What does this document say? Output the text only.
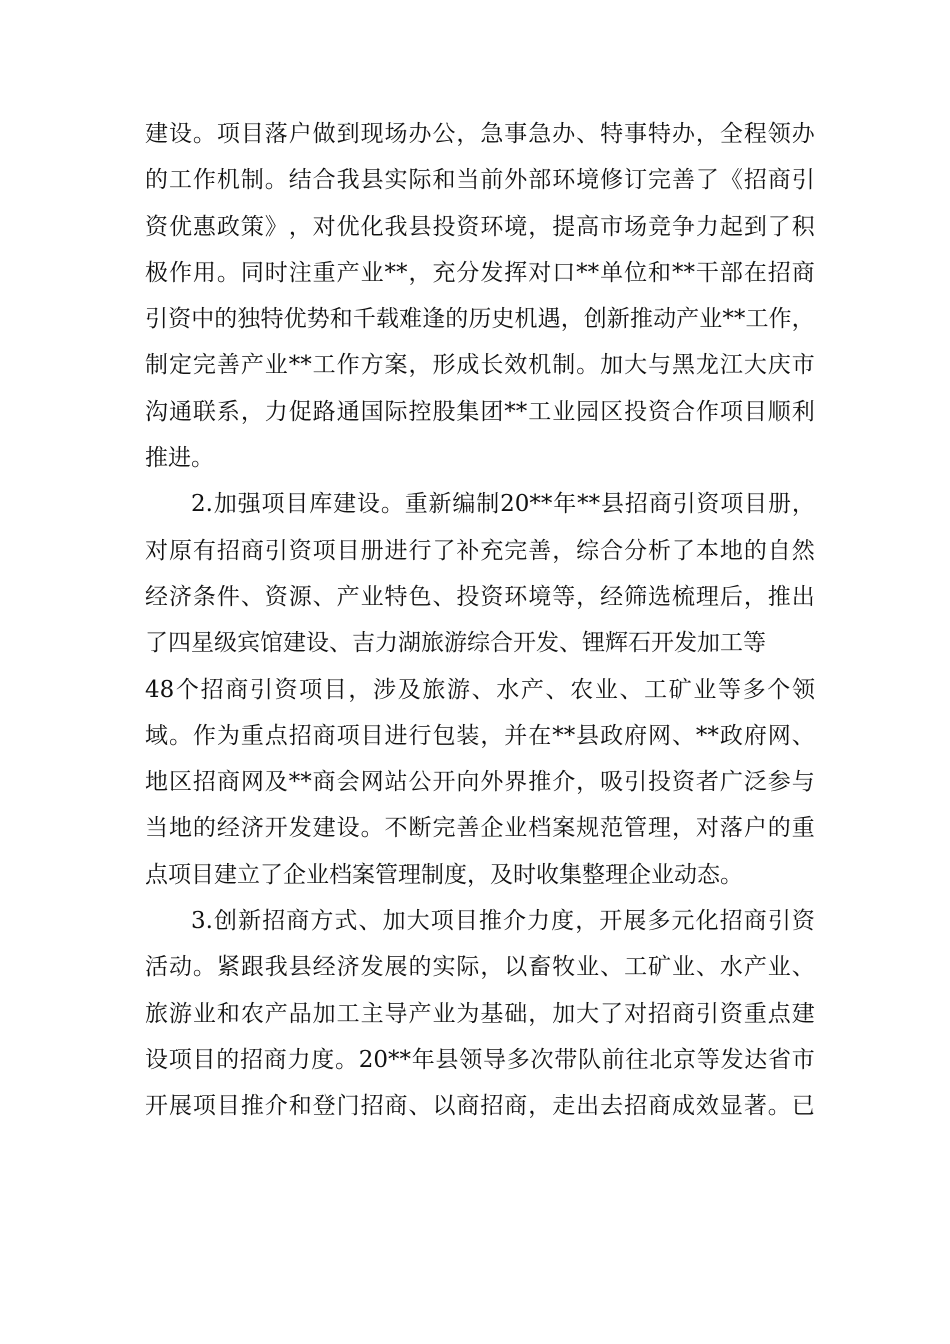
建 设 。 项 目 落 户 做 到 现 场 办 公 ， 急 事 急 办 、 特 事 特 办 ， 全 程 领 办
的 工 作 机 制 。 结 合 我 县 实 际 和 当 前 外 部 环 境 修 订 完 善 了 《 招 商 引
资 优 惠 政 策 》 ， 对 优 化 我 县 投 资 环 境 ， 提 高 市 场 竞 争 力 起 到 了 积
极 作 用 。 同 时 注 重 产 业 ** ， 充 分 发 挥 对 口 ** 单 位 和 ** 干 部 在 招 商
引 资 中 的 独 特 优 势 和 千 载 难 逢 的 历 史 机 遇 ， 创 新 推 动 产 业 ** 工 作 ，
制 定 完 善 产 业 ** 工 作 方 案 ， 形 成 长 效 机 制 。 加 大 与 黑 龙 江 大 庆 市
沟 通 联 系 ， 力 促 路 通 国 际 控 股 集 团 ** 工 业 园 区 投 资 合 作 项 目 顺 利
推进。
2. 加 强 项 目 库 建 设 。 重 新 编 制 20** 年 ** 县 招 商 引 资 项 目 册 ，
对 原 有 招 商 引 资 项 目 册 进 行 了 补 充 完 善 ， 综 合 分 析 了 本 地 的 自 然
经 济 条 件 、 资 源 、 产 业 特 色 、 投 资 环 境 等 ， 经 筛 选 梳 理 后 ， 推 出
了四星级宾馆建设、吉力湖旅游综合开发、锂辉石开发加工等
48 个 招 商 引 资 项 目 ， 涉 及 旅 游 、 水 产 、 农 业 、 工 矿 业 等 多 个 领
域 。 作 为 重 点 招 商 项 目 进 行 包 装 ， 并 在 ** 县 政 府 网 、 ** 政 府 网 、
地 区 招 商 网 及 ** 商 会 网 站 公 开 向 外 界 推 介 ， 吸 引 投 资 者 广 泛 参 与
当 地 的 经 济 开 发 建 设 。 不 断 完 善 企 业 档 案 规 范 管 理 ， 对 落 户 的 重
点项目建立了企业档案管理制度，及时收集整理企业动态。
3. 创 新 招 商 方 式 、 加 大 项 目 推 介 力 度 ， 开 展 多 元 化 招 商 引 资
活 动 。 紧 跟 我 县 经 济 发 展 的 实 际 ， 以 畜 牧 业 、 工 矿 业 、 水 产 业 、
旅 游 业 和 农 产 品 加 工 主 导 产 业 为 基 础 ， 加 大 了 对 招 商 引 资 重 点 建
设 项 目 的 招 商 力 度 。 20** 年 县 领 导 多 次 带 队 前 往 北 京 等 发 达 省 市
开 展 项 目 推 介 和 登 门 招 商 、 以 商 招 商 ， 走 出 去 招 商 成 效 显 著 。 已
